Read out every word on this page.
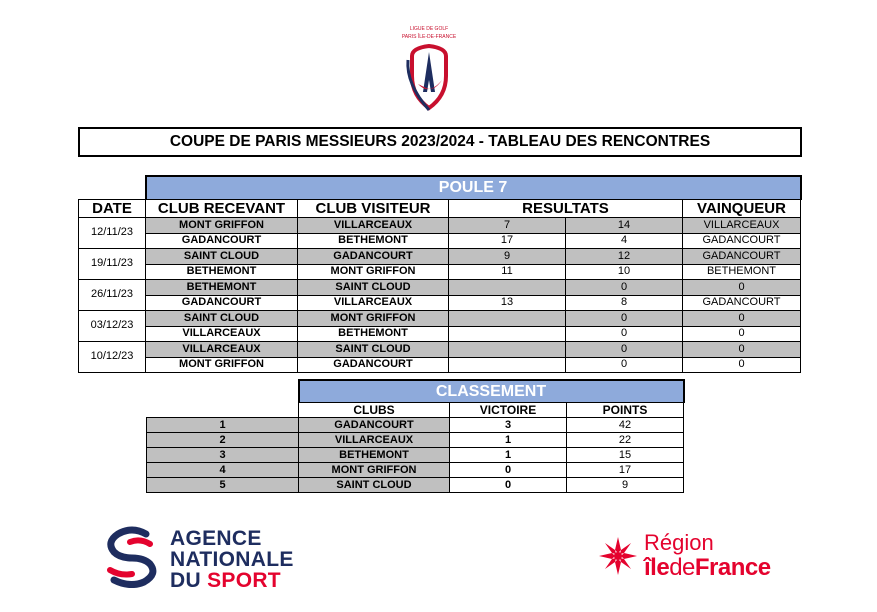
LIGUE DE GOLF
PARIS ÎLE-DE-FRANCE
COUPE DE PARIS MESSIEURS 2023/2024 - TABLEAU DES RENCONTRES
	POULE 7				
DATE	CLUB RECEVANT	CLUB VISITEUR	RESULTATS		VAINQUEUR
12/11/23	MONT GRIFFON	VILLARCEAUX	7	14	VILLARCEAUX
	GADANCOURT	BETHEMONT	17	4	GADANCOURT
19/11/23	SAINT CLOUD	GADANCOURT	9	12	GADANCOURT
	BETHEMONT	MONT GRIFFON	11	10	BETHEMONT
26/11/23	BETHEMONT	SAINT CLOUD		0	0
	GADANCOURT	VILLARCEAUX	13	8	GADANCOURT
03/12/23	SAINT CLOUD	MONT GRIFFON		0	0
	VILLARCEAUX	BETHEMONT		0	0
10/12/23	VILLARCEAUX	SAINT CLOUD		0	0
	MONT GRIFFON	GADANCOURT		0	0
	CLASSEMENT		
	CLUBS	VICTOIRE	POINTS
1	GADANCOURT	3	42
2	VILLARCEAUX	1	22
3	BETHEMONT	1	15
4	MONT GRIFFON	0	17
5	SAINT CLOUD	0	9
AGENCE
NATIONALE
DU SPORT
Région
îledeFrance
